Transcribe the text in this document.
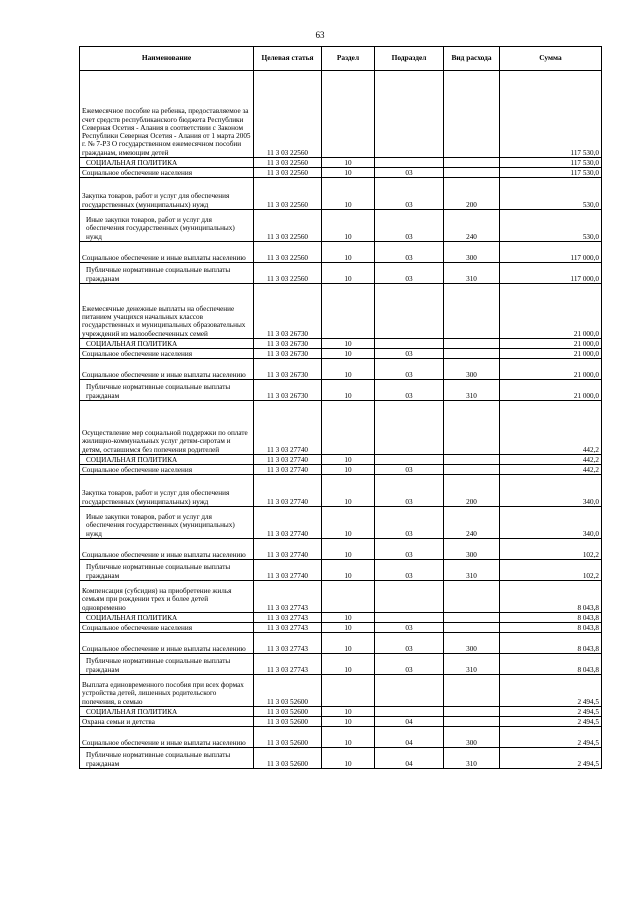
63
Наименование	Целевая статья	Раздел	Подраздел	Вид расхода	Сумма
Ежемесячное пособие на ребенка, предоставляемое за счет средств республиканского бюджета Республики Северная Осетия - Алания в соответствии с Законом Республики Северная Осетия - Алания от 1 марта 2005 г. № 7-РЗ О государственном ежемесячном пособии гражданам, имеющим детей	11 3 03 22560				117 530,0
СОЦИАЛЬНАЯ ПОЛИТИКА	11 3 03 22560	10			117 530,0
Социальное обеспечение населения	11 3 03 22560	10	03		117 530,0
Закупка товаров, работ и услуг для обеспечения государственных (муниципальных) нужд	11 3 03 22560	10	03	200	530,0
Иные закупки товаров, работ и услуг для обеспечения государственных (муниципальных) нужд	11 3 03 22560	10	03	240	530,0
Социальное обеспечение и иные выплаты населению	11 3 03 22560	10	03	300	117 000,0
Публичные нормативные социальные выплаты гражданам	11 3 03 22560	10	03	310	117 000,0
Ежемесячные денежные выплаты на обеспечение питанием учащихся начальных классов государственных и муниципальных образовательных учреждений из малообеспеченных семей	11 3 03 26730				21 000,0
СОЦИАЛЬНАЯ ПОЛИТИКА	11 3 03 26730	10			21 000,0
Социальное обеспечение населения	11 3 03 26730	10	03		21 000,0
Социальное обеспечение и иные выплаты населению	11 3 03 26730	10	03	300	21 000,0
Публичные нормативные социальные выплаты гражданам	11 3 03 26730	10	03	310	21 000,0
Осуществление мер социальной поддержки по оплате жилищно-коммунальных услуг детям-сиротам и детям, оставшимся без попечения родителей	11 3 03 27740				442,2
СОЦИАЛЬНАЯ ПОЛИТИКА	11 3 03 27740	10			442,2
Социальное обеспечение населения	11 3 03 27740	10	03		442,2
Закупка товаров, работ и услуг для обеспечения государственных (муниципальных) нужд	11 3 03 27740	10	03	200	340,0
Иные закупки товаров, работ и услуг для обеспечения государственных (муниципальных) нужд	11 3 03 27740	10	03	240	340,0
Социальное обеспечение и иные выплаты населению	11 3 03 27740	10	03	300	102,2
Публичные нормативные социальные выплаты гражданам	11 3 03 27740	10	03	310	102,2
Компенсация (субсидия) на приобретение жилья семьям при рождении трех и более детей одновременно	11 3 03 27743				8 043,8
СОЦИАЛЬНАЯ ПОЛИТИКА	11 3 03 27743	10			8 043,8
Социальное обеспечение населения	11 3 03 27743	10	03		8 043,8
Социальное обеспечение и иные выплаты населению	11 3 03 27743	10	03	300	8 043,8
Публичные нормативные социальные выплаты гражданам	11 3 03 27743	10	03	310	8 043,8
Выплата единовременного пособия при всех формах устройства детей, лишенных родительского попечения, в семью	11 3 03 52600				2 494,5
СОЦИАЛЬНАЯ ПОЛИТИКА	11 3 03 52600	10			2 494,5
Охрана семьи и детства	11 3 03 52600	10	04		2 494,5
Социальное обеспечение и иные выплаты населению	11 3 03 52600	10	04	300	2 494,5
Публичные нормативные социальные выплаты гражданам	11 3 03 52600	10	04	310	2 494,5
